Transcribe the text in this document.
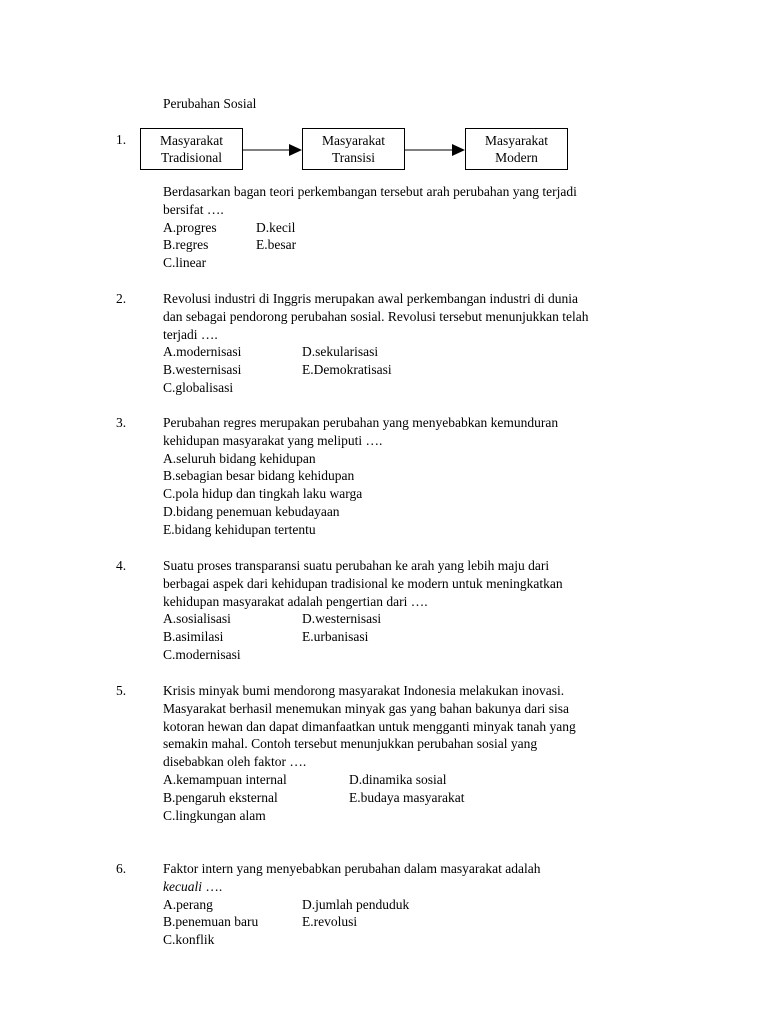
Perubahan Sosial
1.	Masyarakat
Tradisional
Masyarakat
Transisi
Masyarakat
Modern

Berdasarkan bagan teori perkembangan tersebut arah perubahan yang terjadi

bersifat ….

A.progres	D.kecil
B.regres	E.besar
C.linear
2.	Revolusi industri di Inggris merupakan awal perkembangan industri di dunia

dan sebagai pendorong perubahan sosial. Revolusi tersebut menunjukkan telah

terjadi ….

A.modernisasi	D.sekularisasi
B.westernisasi	E.Demokratisasi
C.globalisasi
3.	Perubahan regres merupakan perubahan yang menyebabkan kemunduran

kehidupan masyarakat yang meliputi ….

A.seluruh bidang kehidupan

B.sebagian besar bidang kehidupan

C.pola hidup dan tingkah laku warga

D.bidang penemuan kebudayaan

E.bidang kehidupan tertentu

4.	Suatu proses transparansi suatu perubahan ke arah yang lebih maju dari

berbagai aspek dari kehidupan tradisional ke modern untuk meningkatkan

kehidupan masyarakat adalah pengertian dari ….

A.sosialisasi	D.westernisasi
B.asimilasi	E.urbanisasi
C.modernisasi
5.	Krisis minyak bumi mendorong masyarakat Indonesia melakukan inovasi.

Masyarakat berhasil menemukan minyak gas yang bahan bakunya dari sisa

kotoran hewan dan dapat dimanfaatkan untuk mengganti minyak tanah yang

semakin mahal. Contoh tersebut menunjukkan perubahan sosial yang

disebabkan oleh faktor ….

A.kemampuan internal	D.dinamika sosial
B.pengaruh eksternal	E.budaya masyarakat
C.lingkungan alam
6.	Faktor intern yang menyebabkan perubahan dalam masyarakat adalah

kecuali ….

A.perang	D.jumlah penduduk
B.penemuan baru	E.revolusi
C.konflik
